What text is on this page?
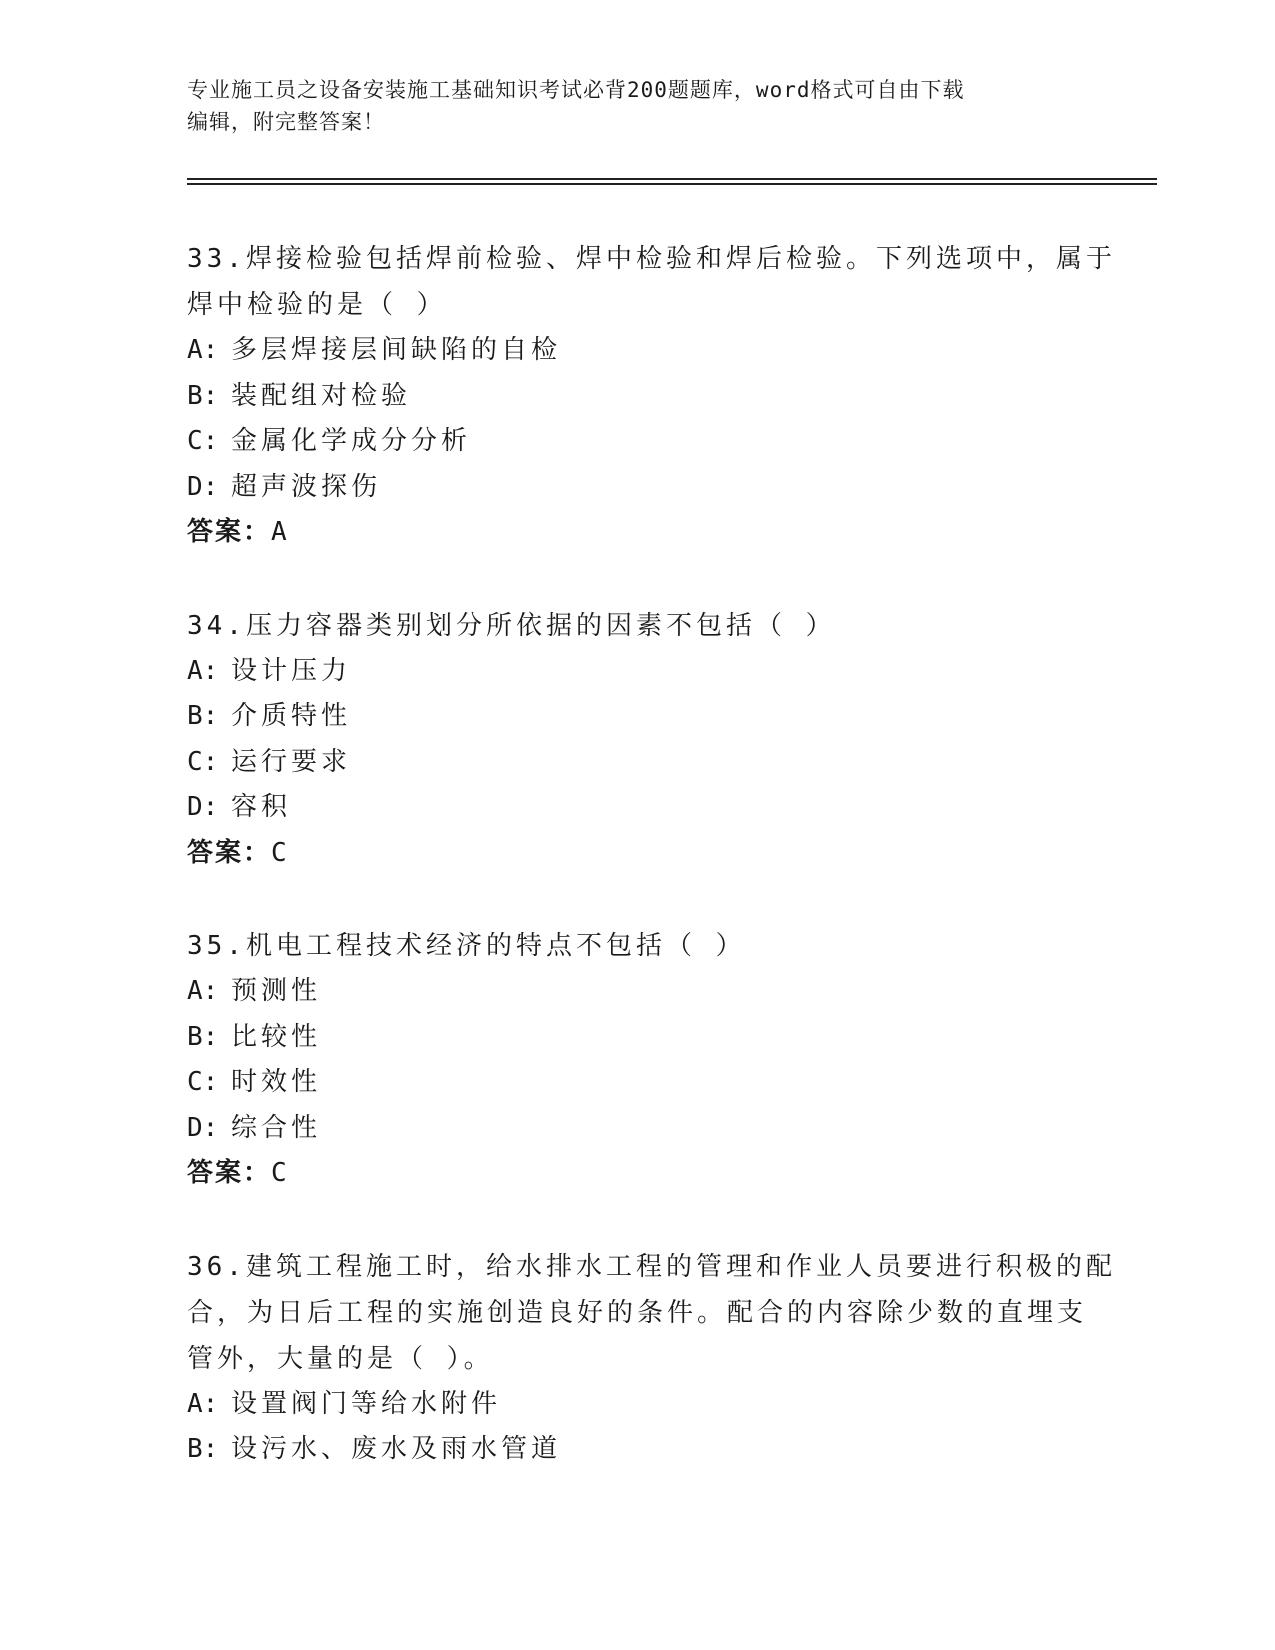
专业施工员之设备安装施工基础知识考试必背200题题库，word格式可自由下载
编辑，附完整答案！
33.焊接检验包括焊前检验、焊中检验和焊后检验。下列选项中，属于
焊中检验的是（ ）
A: 多层焊接层间缺陷的自检
B: 装配组对检验
C: 金属化学成分分析
D: 超声波探伤
答案：A
34.压力容器类别划分所依据的因素不包括（ ）
A: 设计压力
B: 介质特性
C: 运行要求
D: 容积
答案：C
35.机电工程技术经济的特点不包括（ ）
A: 预测性
B: 比较性
C: 时效性
D: 综合性
答案：C
36.建筑工程施工时，给水排水工程的管理和作业人员要进行积极的配
合，为日后工程的实施创造良好的条件。配合的内容除少数的直埋支
管外，大量的是（ ）。
A: 设置阀门等给水附件
B: 设污水、废水及雨水管道
